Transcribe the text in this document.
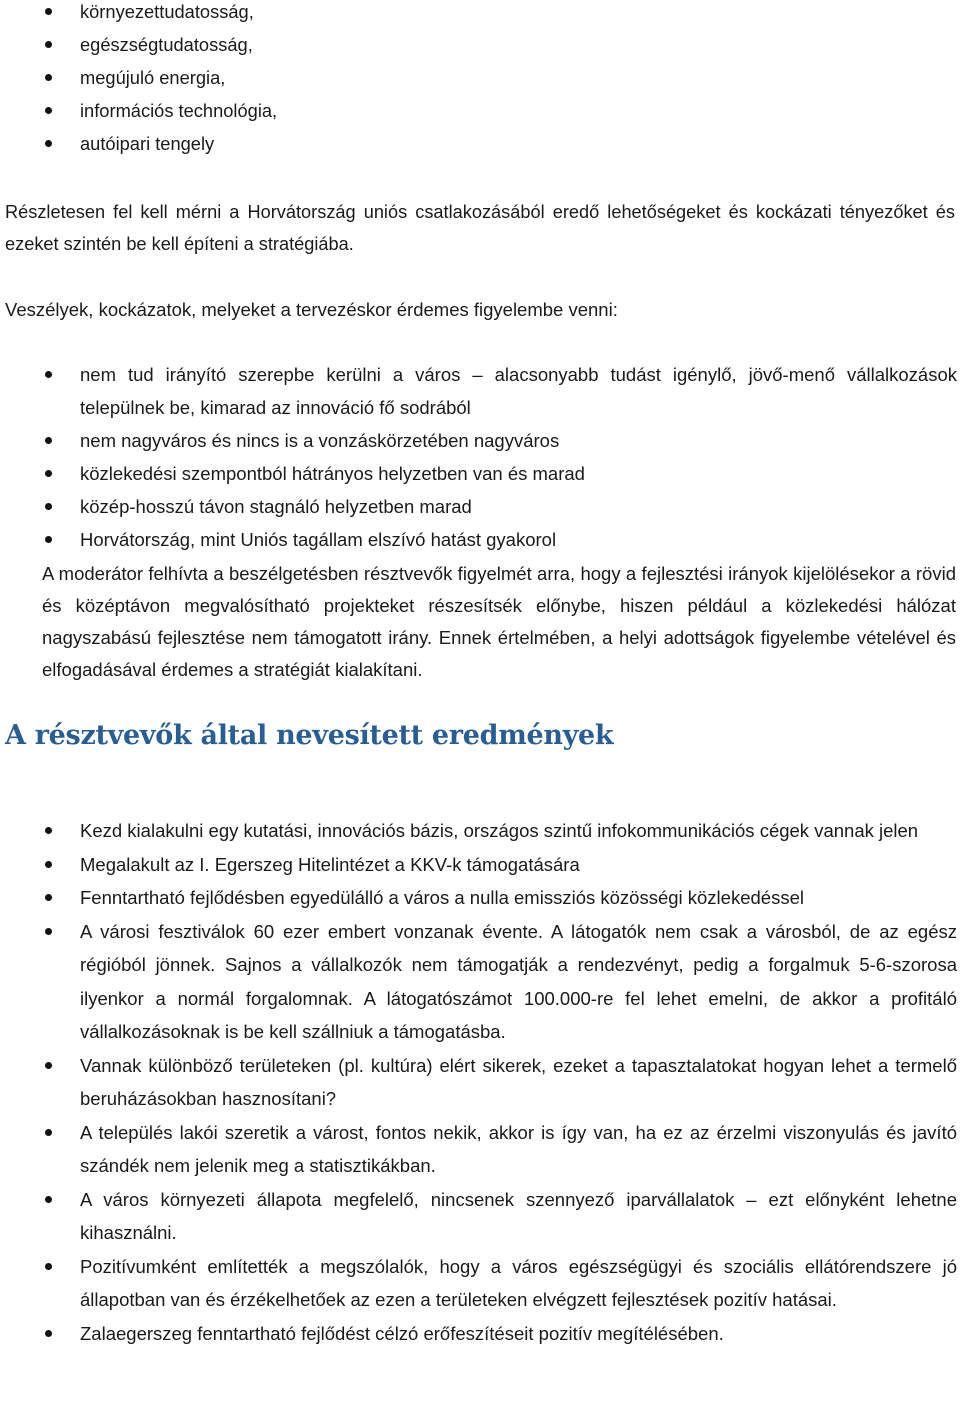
környezettudatosság,
egészségtudatosság,
megújuló energia,
információs technológia,
autóipari tengely

Részletesen fel kell mérni a Horvátország uniós csatlakozásából eredő lehetőségeket és kockázati tényezőket és ezeket szintén be kell építeni a stratégiába.

Veszélyek, kockázatok, melyeket a tervezéskor érdemes figyelembe venni:

nem tud irányító szerepbe kerülni a város – alacsonyabb tudást igénylő, jövő-menő vállalkozások települnek be, kimarad az innováció fő sodrából
nem nagyváros és nincs is a vonzáskörzetében nagyváros
közlekedési szempontból hátrányos helyzetben van és marad
közép-hosszú távon stagnáló helyzetben marad
Horvátország, mint Uniós tagállam elszívó hatást gyakorol

A moderátor felhívta a beszélgetésben résztvevők figyelmét arra, hogy a fejlesztési irányok kijelölésekor a rövid és középtávon megvalósítható projekteket részesítsék előnybe, hiszen például a közlekedési hálózat nagyszabású fejlesztése nem támogatott irány. Ennek értelmében, a helyi adottságok figyelembe vételével és elfogadásával érdemes a stratégiát kialakítani.

A résztvevők által nevesített eredmények
Kezd kialakulni egy kutatási, innovációs bázis, országos szintű infokommunikációs cégek vannak jelen
Megalakult az I. Egerszeg Hitelintézet a KKV-k támogatására
Fenntartható fejlődésben egyedülálló a város a nulla emissziós közösségi közlekedéssel
A városi fesztiválok 60 ezer embert vonzanak évente. A látogatók nem csak a városból, de az egész régióból jönnek. Sajnos a vállalkozók nem támogatják a rendezvényt, pedig a forgalmuk 5-6-szorosa ilyenkor a normál forgalomnak. A látogatószámot 100.000-re fel lehet emelni, de akkor a profitáló vállalkozásoknak is be kell szállniuk a támogatásba.
Vannak különböző területeken (pl. kultúra) elért sikerek, ezeket a tapasztalatokat hogyan lehet a termelő beruházásokban hasznosítani?
A település lakói szeretik a várost, fontos nekik, akkor is így van, ha ez az érzelmi viszonyulás és javító szándék nem jelenik meg a statisztikákban.
A város környezeti állapota megfelelő, nincsenek szennyező iparvállalatok – ezt előnyként lehetne kihasználni.
Pozitívumként említették a megszólalók, hogy a város egészségügyi és szociális ellátórendszere jó állapotban van és érzékelhetőek az ezen a területeken elvégzett fejlesztések pozitív hatásai.
Zalaegerszeg fenntartható fejlődést célzó erőfeszítéseit pozitív megítélésében.
